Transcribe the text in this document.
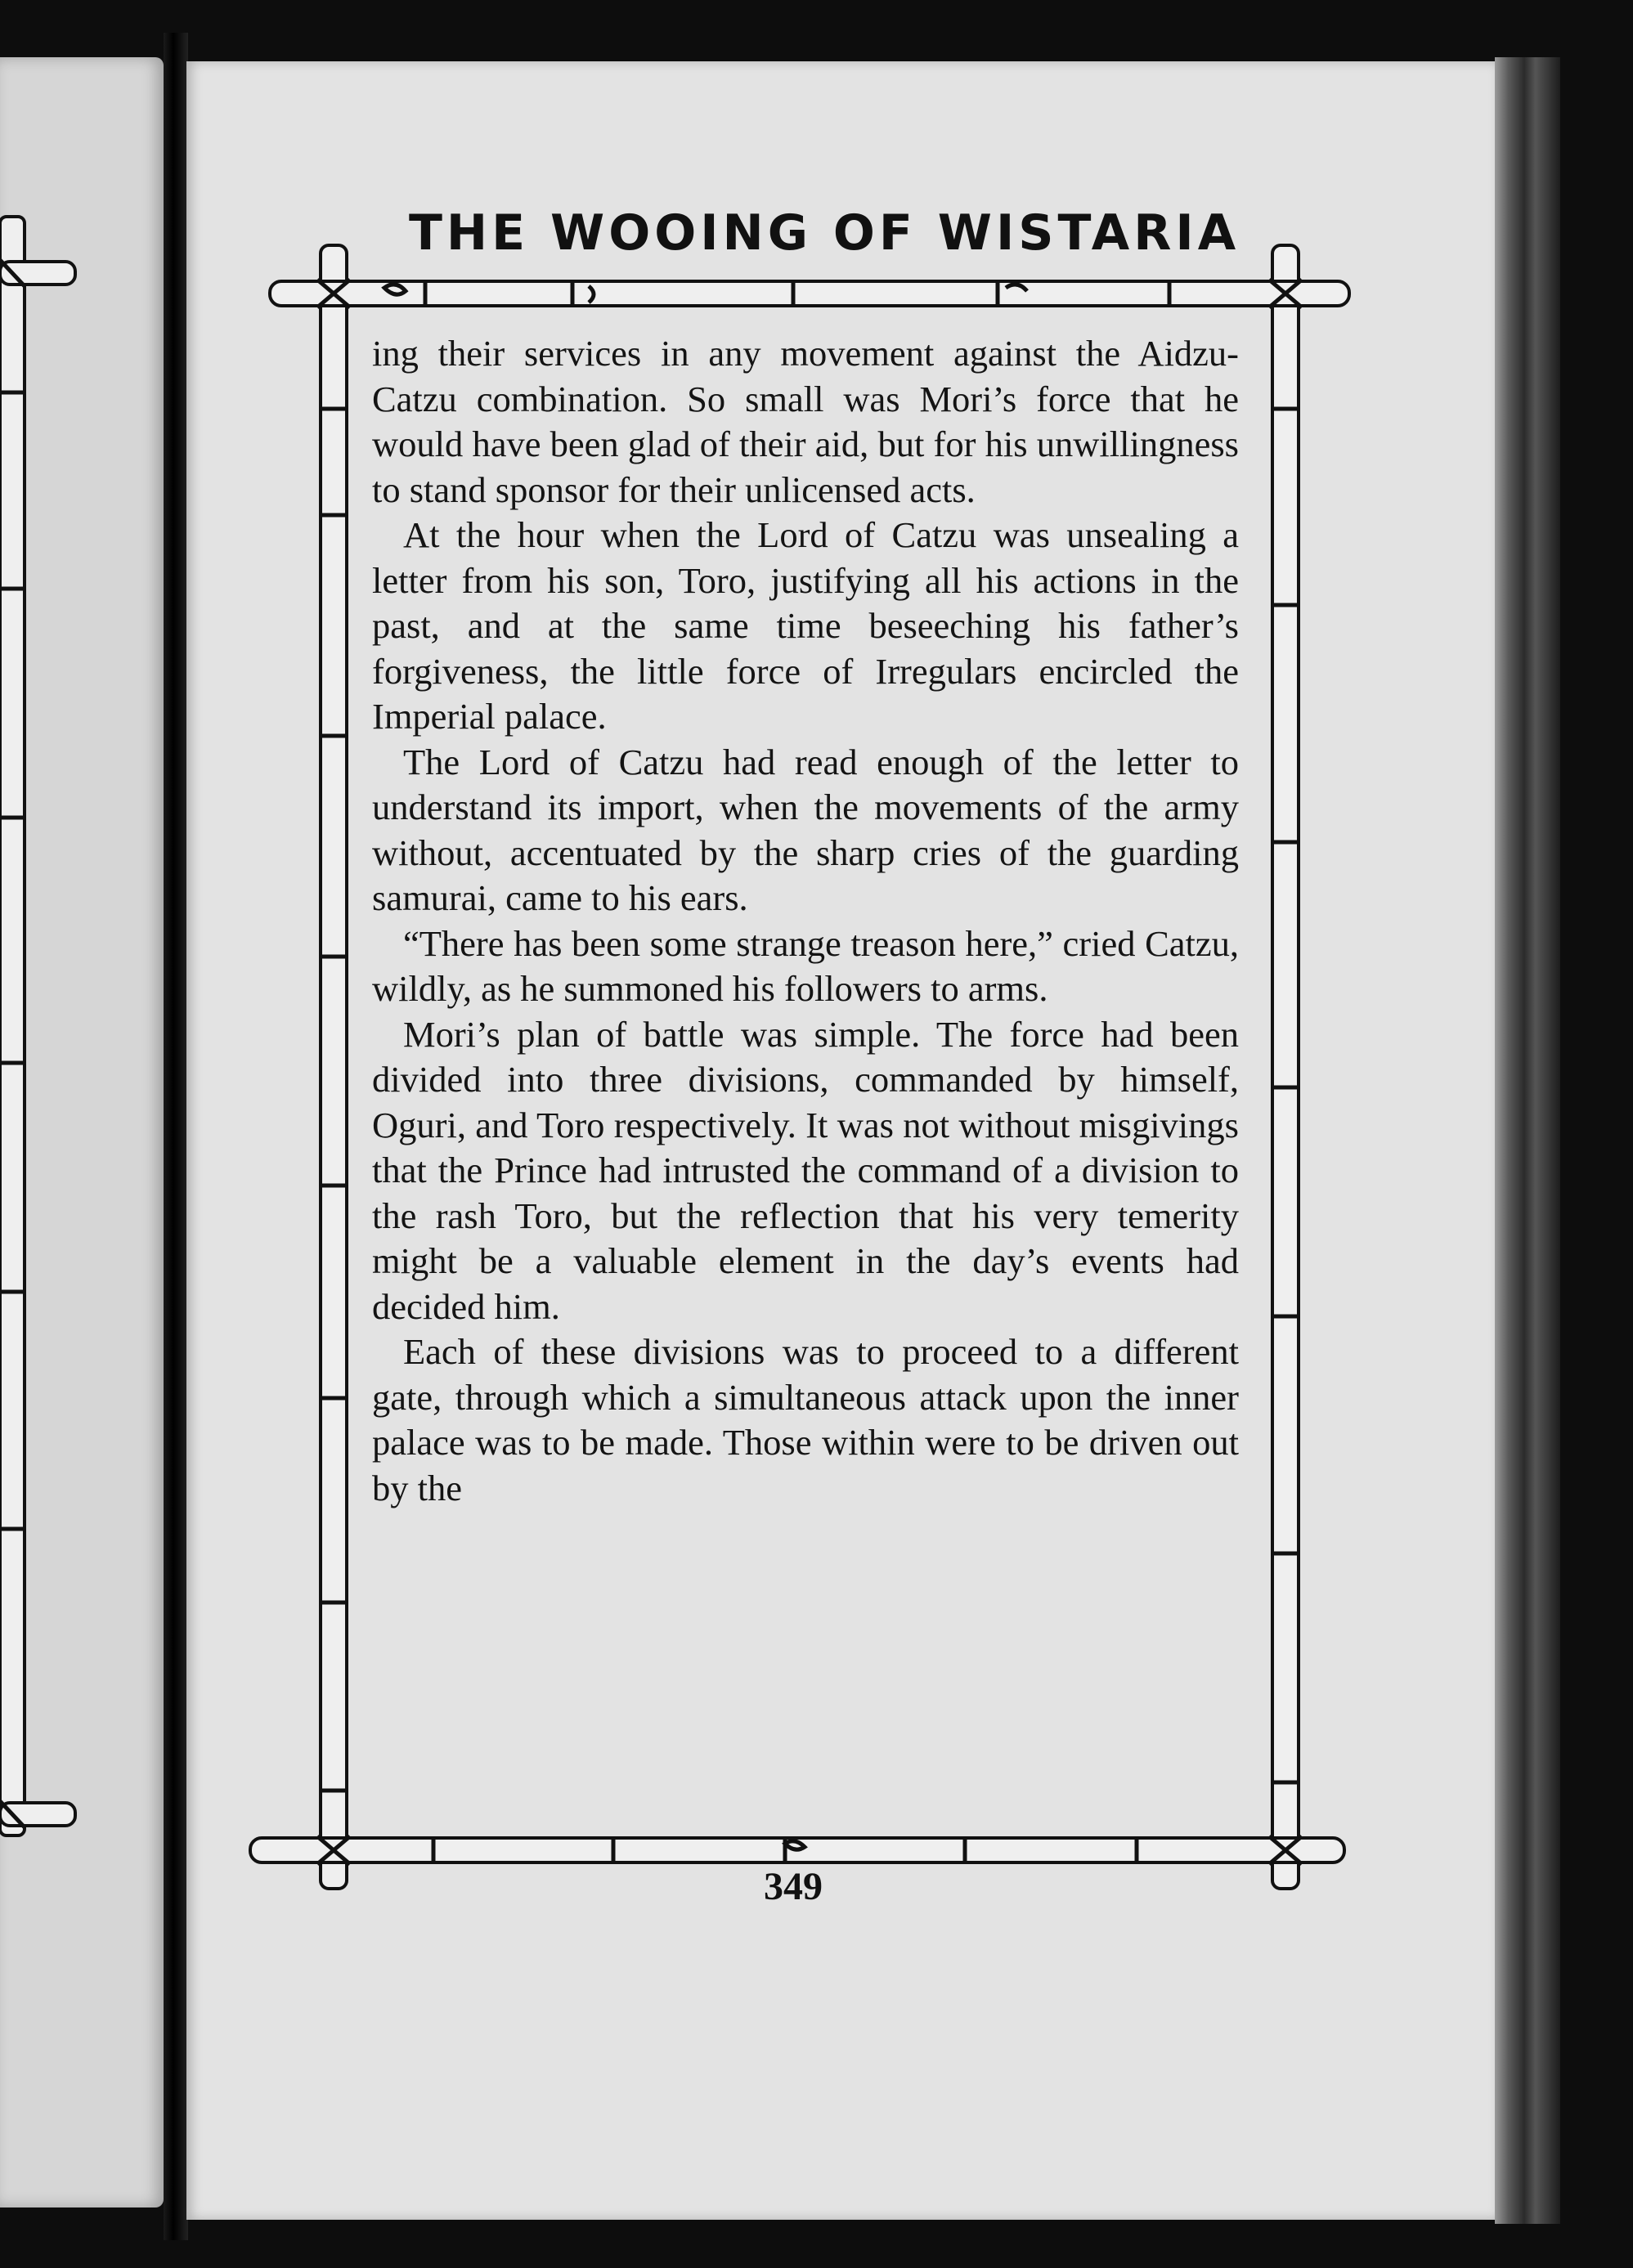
THE WOOING OF WISTARIA

ing their services in any movement against the Aidzu-Catzu combination. So small was Mori’s force that he would have been glad of their aid, but for his unwillingness to stand sponsor for their unlicensed acts.

At the hour when the Lord of Catzu was unsealing a letter from his son, Toro, justifying all his actions in the past, and at the same time beseeching his father’s forgiveness, the little force of Irregulars encircled the Imperial palace.

The Lord of Catzu had read enough of the letter to understand its import, when the movements of the army without, accentuated by the sharp cries of the guarding samurai, came to his ears.

“There has been some strange treason here,” cried Catzu, wildly, as he summoned his followers to arms.

Mori’s plan of battle was simple. The force had been divided into three divisions, commanded by himself, Oguri, and Toro respectively. It was not without misgivings that the Prince had intrusted the command of a division to the rash Toro, but the reflection that his very temerity might be a valuable element in the day’s events had decided him.

Each of these divisions was to proceed to a different gate, through which a simultaneous attack upon the inner palace was to be made. Those within were to be driven out by the

349
